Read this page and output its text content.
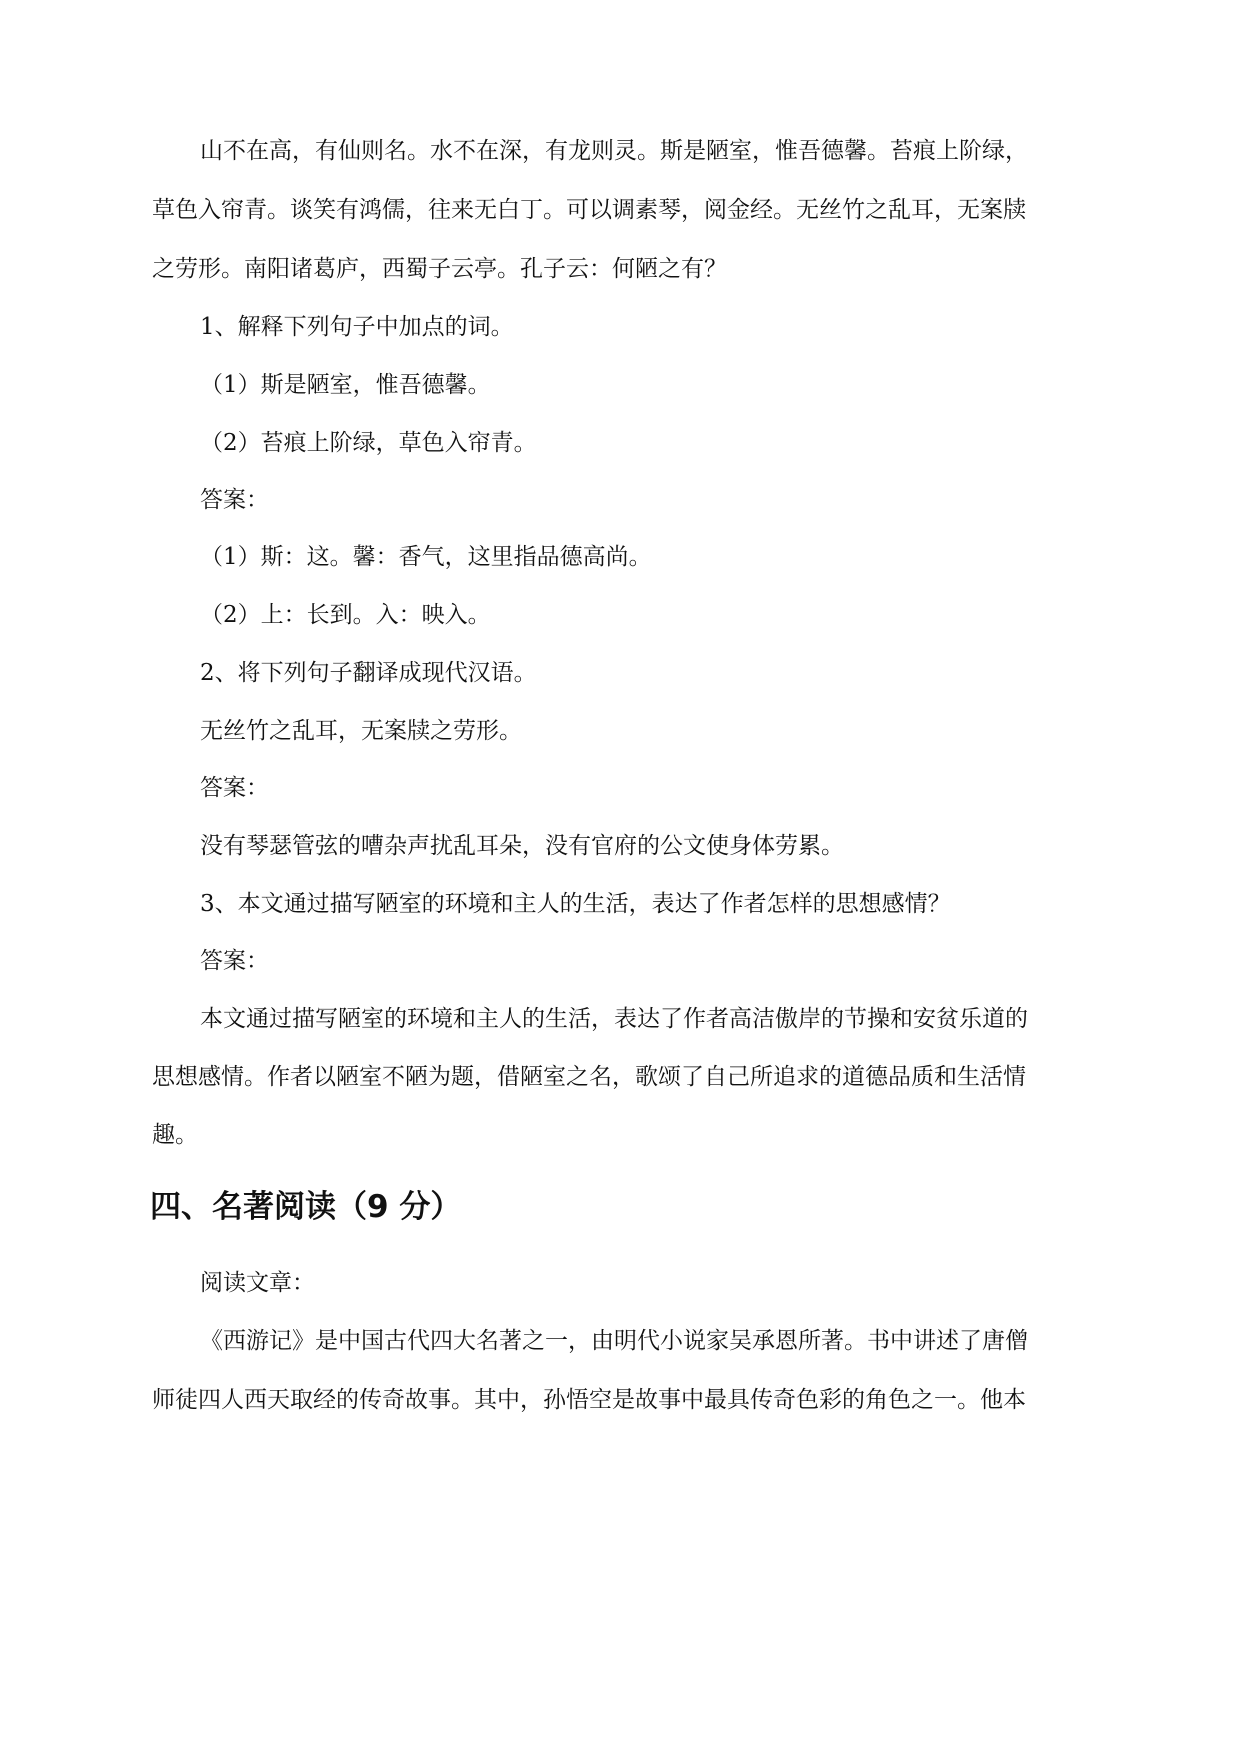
山不在高，有仙则名。水不在深，有龙则灵。斯是陋室，惟吾德馨。苔痕上阶绿，
草色入帘青。谈笑有鸿儒，往来无白丁。可以调素琴，阅金经。无丝竹之乱耳，无案牍
之劳形。南阳诸葛庐，西蜀子云亭。孔子云：何陋之有？
1、解释下列句子中加点的词。
（1）斯是陋室，惟吾德馨。
（2）苔痕上阶绿，草色入帘青。
答案：
（1）斯：这。馨：香气，这里指品德高尚。
（2）上：长到。入：映入。
2、将下列句子翻译成现代汉语。
无丝竹之乱耳，无案牍之劳形。
答案：
没有琴瑟管弦的嘈杂声扰乱耳朵，没有官府的公文使身体劳累。
3、本文通过描写陋室的环境和主人的生活，表达了作者怎样的思想感情？
答案：
本文通过描写陋室的环境和主人的生活，表达了作者高洁傲岸的节操和安贫乐道的
思想感情。作者以陋室不陋为题，借陋室之名，歌颂了自己所追求的道德品质和生活情
趣。
四、名著阅读（9 分）
阅读文章：
《西游记》是中国古代四大名著之一，由明代小说家吴承恩所著。书中讲述了唐僧
师徒四人西天取经的传奇故事。其中，孙悟空是故事中最具传奇色彩的角色之一。他本
